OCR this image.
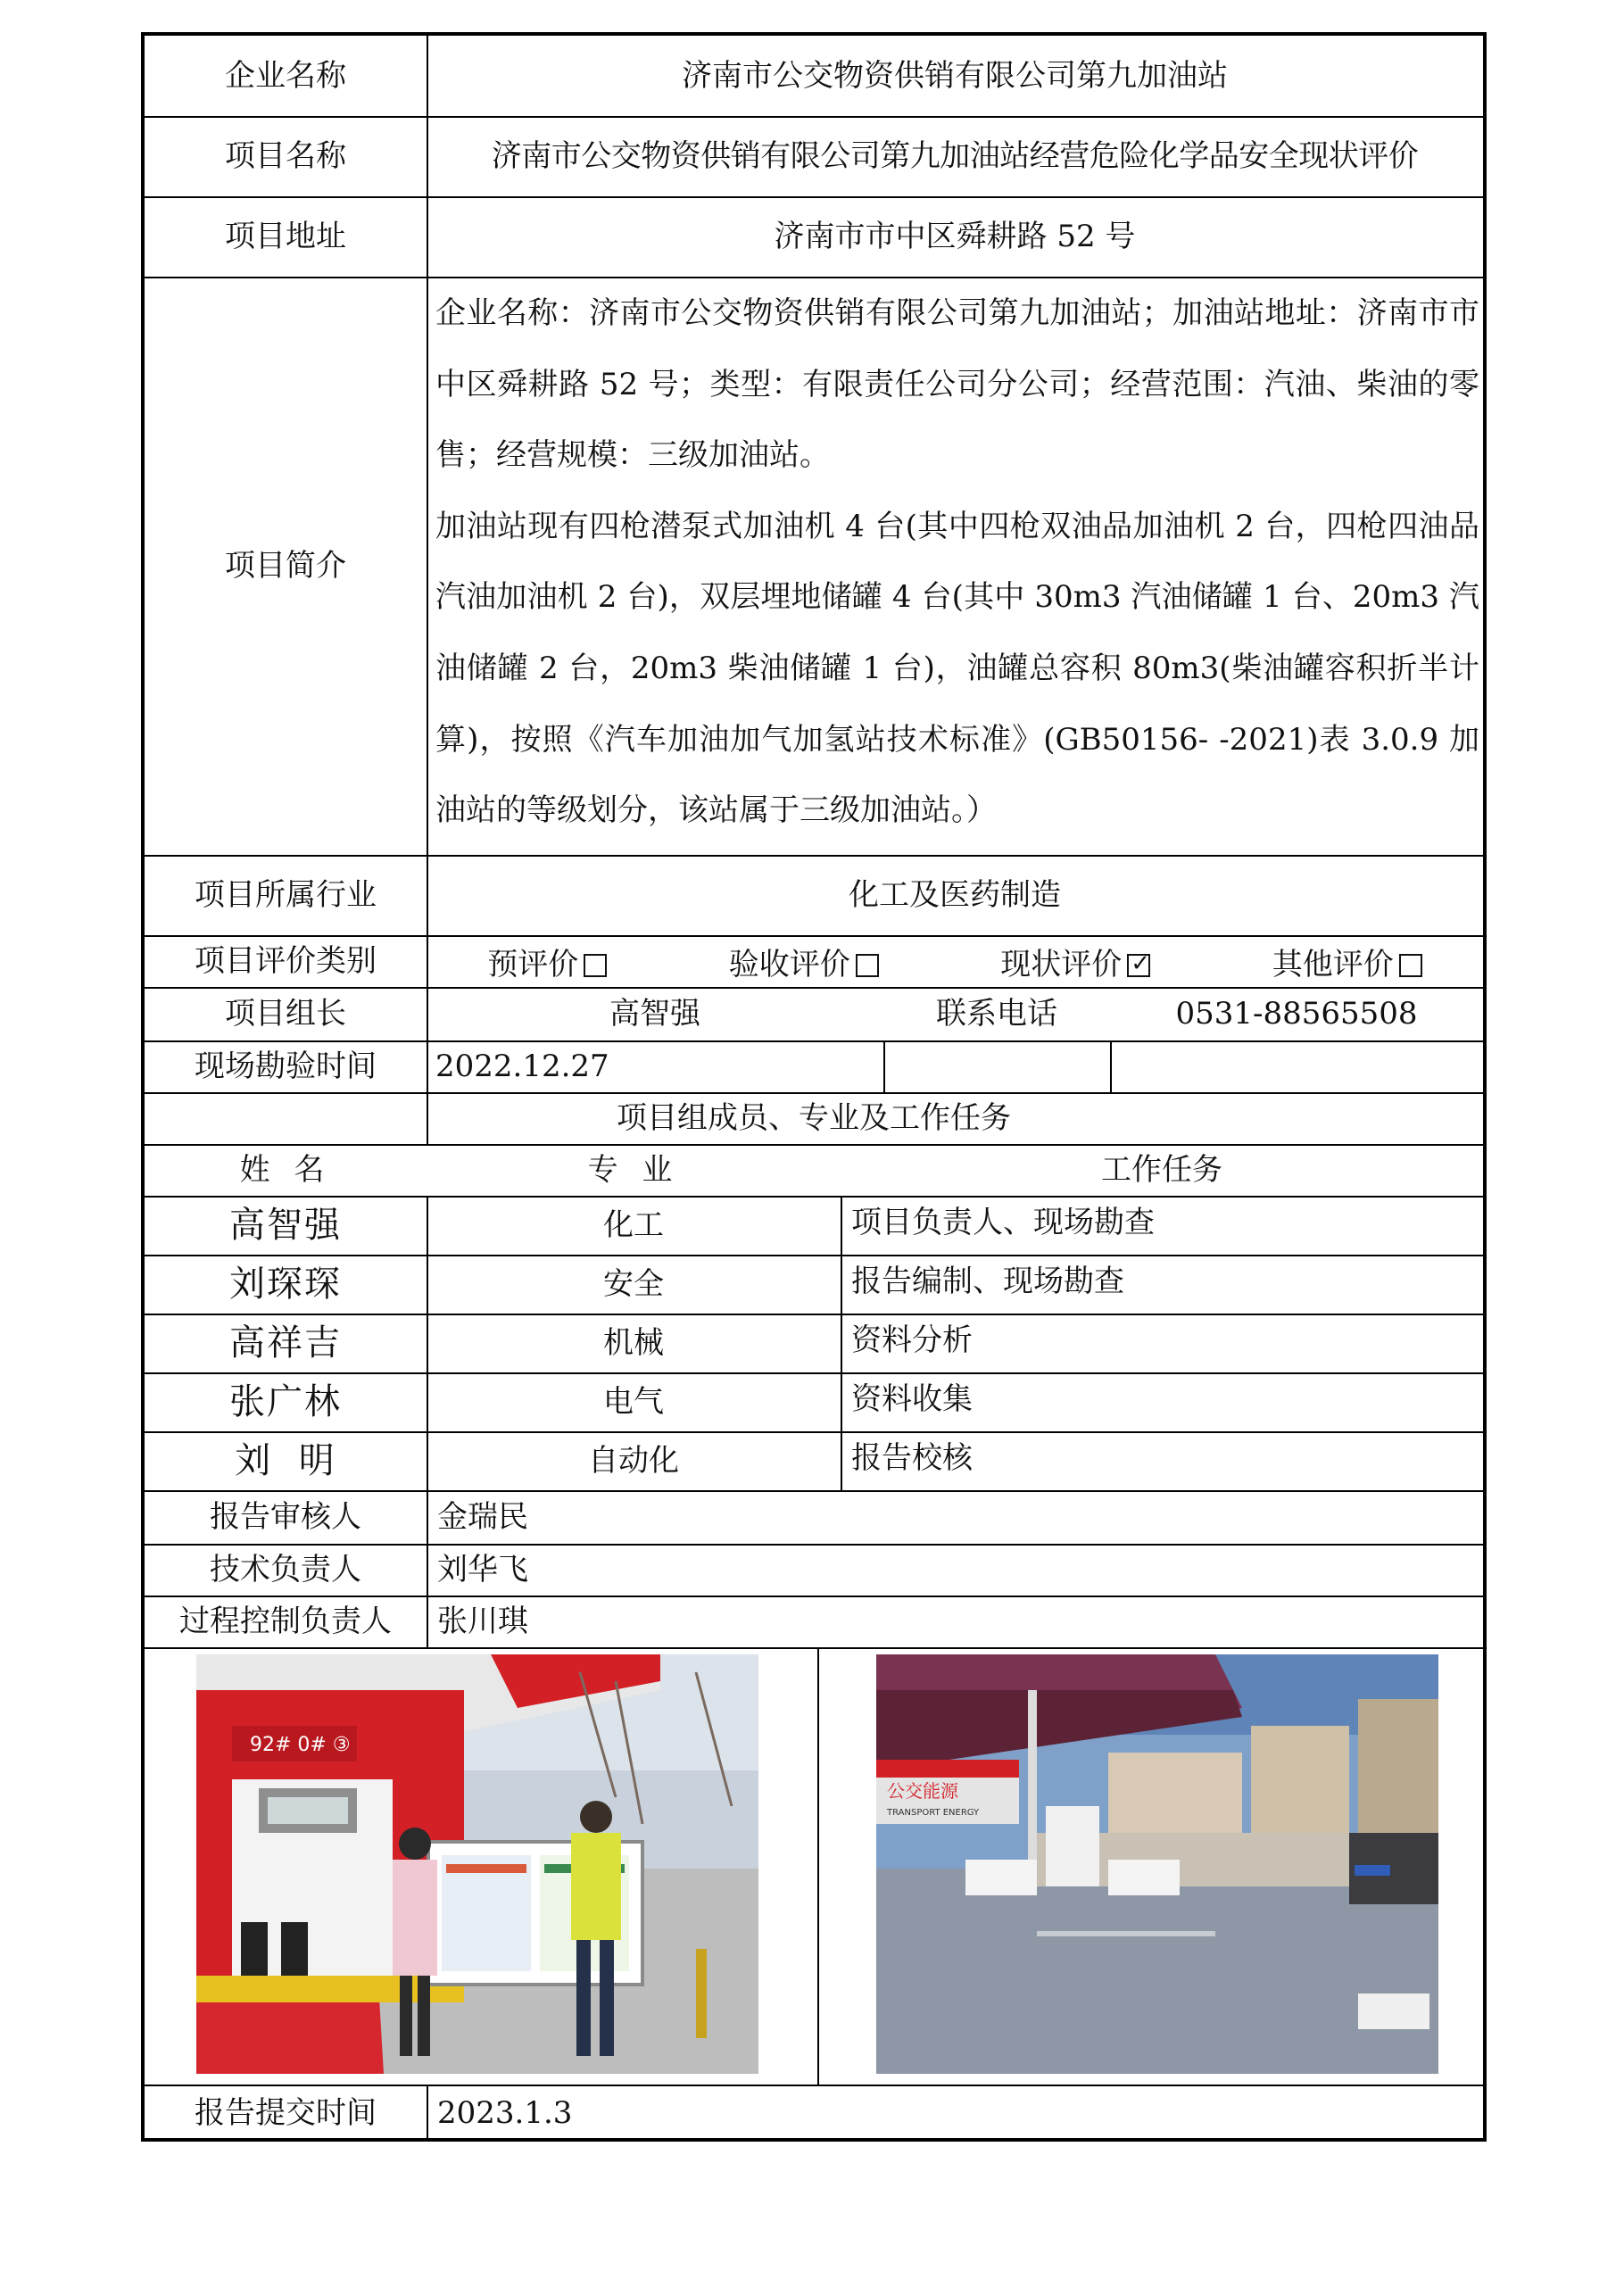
企业名称	济南市公交物资供销有限公司第九加油站
项目名称	济南市公交物资供销有限公司第九加油站经营危险化学品安全现状评价
项目地址	济南市市中区舜耕路 52 号
项目简介

企业名称：济南市公交物资供销有限公司第九加油站；加油站地址：济南市市中区舜耕路 52 号；类型：有限责任公司分公司；经营范围：汽油、柴油的零售；经营规模：三级加油站。

加油站现有四枪潜泵式加油机 4 台(其中四枪双油品加油机 2 台，四枪四油品汽油加油机 2 台)，双层埋地储罐 4 台(其中 30m3 汽油储罐 1 台、20m3 汽油储罐 2 台，20m3 柴油储罐 1 台)，油罐总容积 80m3(柴油罐容积折半计算)，按照《汽车加油加气加氢站技术标准》(GB50156- -2021)表 3.0.9 加油站的等级划分，该站属于三级加油站。）

项目所属行业	化工及医药制造
项目评价类别	预评价	验收评价	现状评价✓	其他评价
项目组长	高智强	联系电话	0531-88565508
现场勘验时间	2022.12.27
项目组成员、专业及工作任务
姓 名	专 业	工作任务
高智强	化工	项目负责人、现场勘查
刘琛琛	安全	报告编制、现场勘查
高祥吉	机械	资料分析
张广林	电气	资料收集
刘  明	自动化	报告校核
报告审核人	金瑞民
技术负责人	刘华飞
过程控制负责人	张川琪
92# 0# ③
公交能源
TRANSPORT ENERGY
报告提交时间	2023.1.3
